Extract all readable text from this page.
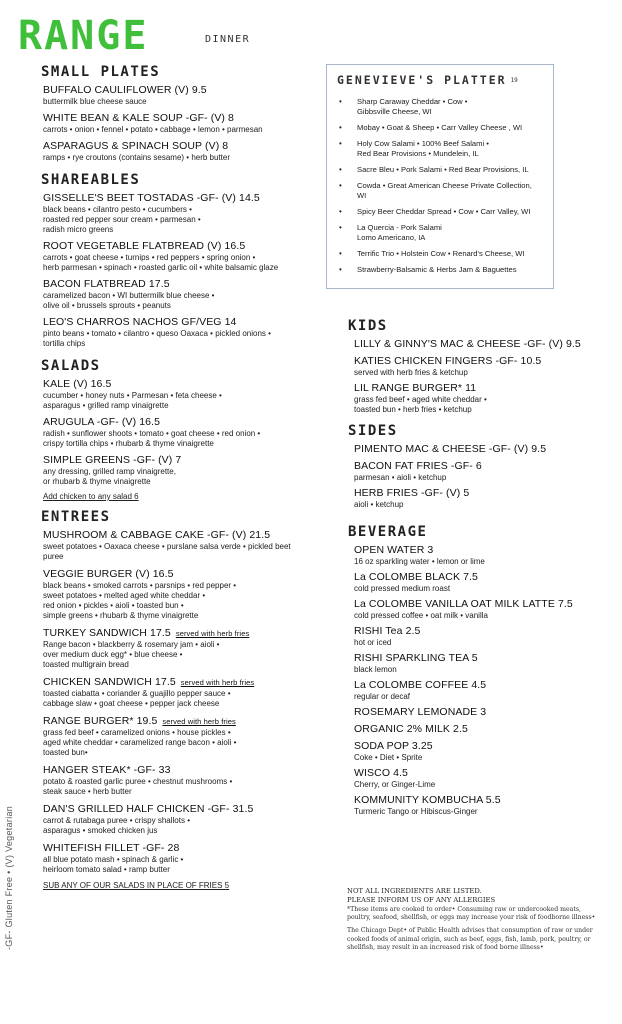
RANGE	DINNER
SMALL PLATES
BUFFALO CAULIFLOWER (V) 9.5
buttermilk blue cheese sauce
WHITE BEAN & KALE SOUP -GF- (V) 8
carrots • onion • fennel • potato • cabbage • lemon • parmesan
ASPARAGUS & SPINACH SOUP (V) 8
ramps • rye croutons (contains sesame) • herb butter
SHAREABLES
GISSELLE'S BEET TOSTADAS -GF- (V) 14.5
black beans • cilantro pesto • cucumbers •
roasted red pepper sour cream • parmesan •
radish micro greens
ROOT VEGETABLE FLATBREAD (V) 16.5
carrots • goat cheese • turnips • red peppers • spring onion •
herb parmesan • spinach • roasted garlic oil • white balsamic glaze
BACON FLATBREAD 17.5
caramelized bacon • WI buttermilk blue cheese •
olive oil • brussels sprouts • peanuts
LEO'S CHARROS NACHOS GF/VEG 14
pinto beans • tomato • cilantro • queso Oaxaca • pickled onions •
tortilla chips
SALADS
KALE (V) 16.5
cucumber • honey nuts • Parmesan • feta cheese •
asparagus • grilled ramp vinaigrette
ARUGULA -GF- (V) 16.5
radish • sunflower shoots • tomato • goat cheese • red onion •
crispy tortilla chips • rhubarb & thyme vinaigrette
SIMPLE GREENS -GF- (V) 7
any dressing, grilled ramp vinaigrette,
or rhubarb & thyme vinaigrette
Add chicken to any salad 6
ENTREES
MUSHROOM & CABBAGE CAKE -GF- (V) 21.5
sweet potatoes • Oaxaca cheese • purslane salsa verde • pickled beet puree
VEGGIE BURGER (V) 16.5
black beans • smoked carrots • parsnips • red pepper •
sweet potatoes • melted aged white cheddar •
red onion • pickles • aioli • toasted bun •
simple greens • rhubarb & thyme vinaigrette
TURKEY SANDWICH 17.5 served with herb fries
Range bacon • blackberry & rosemary jam • aioli •
over medium duck egg* • blue cheese •
toasted multigrain bread
CHICKEN SANDWICH 17.5 served with herb fries
toasted ciabatta • coriander & guajillo pepper sauce •
cabbage slaw • goat cheese • pepper jack cheese
RANGE BURGER* 19.5 served with herb fries
grass fed beef • caramelized onions • house pickles •
aged white cheddar • caramelized range bacon • aioli •
toasted bun•
HANGER STEAK* -GF- 33
potato & roasted garlic puree • chestnut mushrooms •
steak sauce • herb butter
DAN'S GRILLED HALF CHICKEN -GF- 31.5
carrot & rutabaga puree • crispy shallots •
asparagus • smoked chicken jus
WHITEFISH FILLET -GF- 28
all blue potato mash • spinach & garlic •
heirloom tomato salad • ramp butter
SUB ANY OF OUR SALADS IN PLACE OF FRIES 5
-GF- Gluten Free • (V) Vegetarian
GENEVIEVE'S PLATTER 19
• Sharp Caraway Cheddar • Cow •
Gibbsville Cheese, WI
• Mobay • Goat & Sheep • Carr Valley Cheese , WI
• Holy Cow Salami • 100% Beef Salami •
Red Bear Provisions • Mundelein, IL
• Sacre Bleu • Pork Salami • Red Bear Provisions, IL
• Cowda • Great American Cheese Private Collection, WI
• Spicy Beer Cheddar Spread • Cow • Carr Valley, WI
• La Quercia - Pork Salami
Lomo Americano, IA
• Terrific Trio • Holstein Cow • Renard's Cheese, WI
• Strawberry-Balsamic & Herbs Jam & Baguettes
KIDS
LILLY & GINNY'S MAC & CHEESE -GF- (V) 9.5
KATIES CHICKEN FINGERS -GF- 10.5
served with herb fries & ketchup
LIL RANGE BURGER* 11
grass fed beef • aged white cheddar •
toasted bun • herb fries • ketchup
SIDES
PIMENTO MAC & CHEESE -GF- (V) 9.5
BACON FAT FRIES -GF- 6
parmesan • aioli • ketchup
HERB FRIES -GF- (V) 5
aioli • ketchup
BEVERAGE
OPEN WATER 3
16 oz sparkling water • lemon or lime
La COLOMBE BLACK 7.5
cold pressed medium roast
La COLOMBE VANILLA OAT MILK LATTE 7.5
cold pressed coffee • oat milk • vanilla
RISHI Tea 2.5
hot or iced
RISHI SPARKLING TEA 5
black lemon
La COLOMBE COFFEE 4.5
regular or decaf
ROSEMARY LEMONADE 3
ORGANIC 2% MILK 2.5
SODA POP 3.25
Coke • Diet • Sprite
WISCO 4.5
Cherry, or Ginger-Lime
KOMMUNITY KOMBUCHA 5.5
Turmeric Tango or Hibiscus-Ginger
NOT ALL INGREDIENTS ARE LISTED.
PLEASE INFORM US OF ANY ALLERGIES
*These items are cooked to order• Consuming raw or undercooked meats, poultry, seafood, shellfish, or eggs may increase your risk of foodborne illness•
The Chicago Dept• of Public Health advises that consumption of raw or under cooked foods of animal origin, such as beef, eggs, fish, lamb, pork, poultry, or shellfish, may result in an increased risk of food borne illness•
